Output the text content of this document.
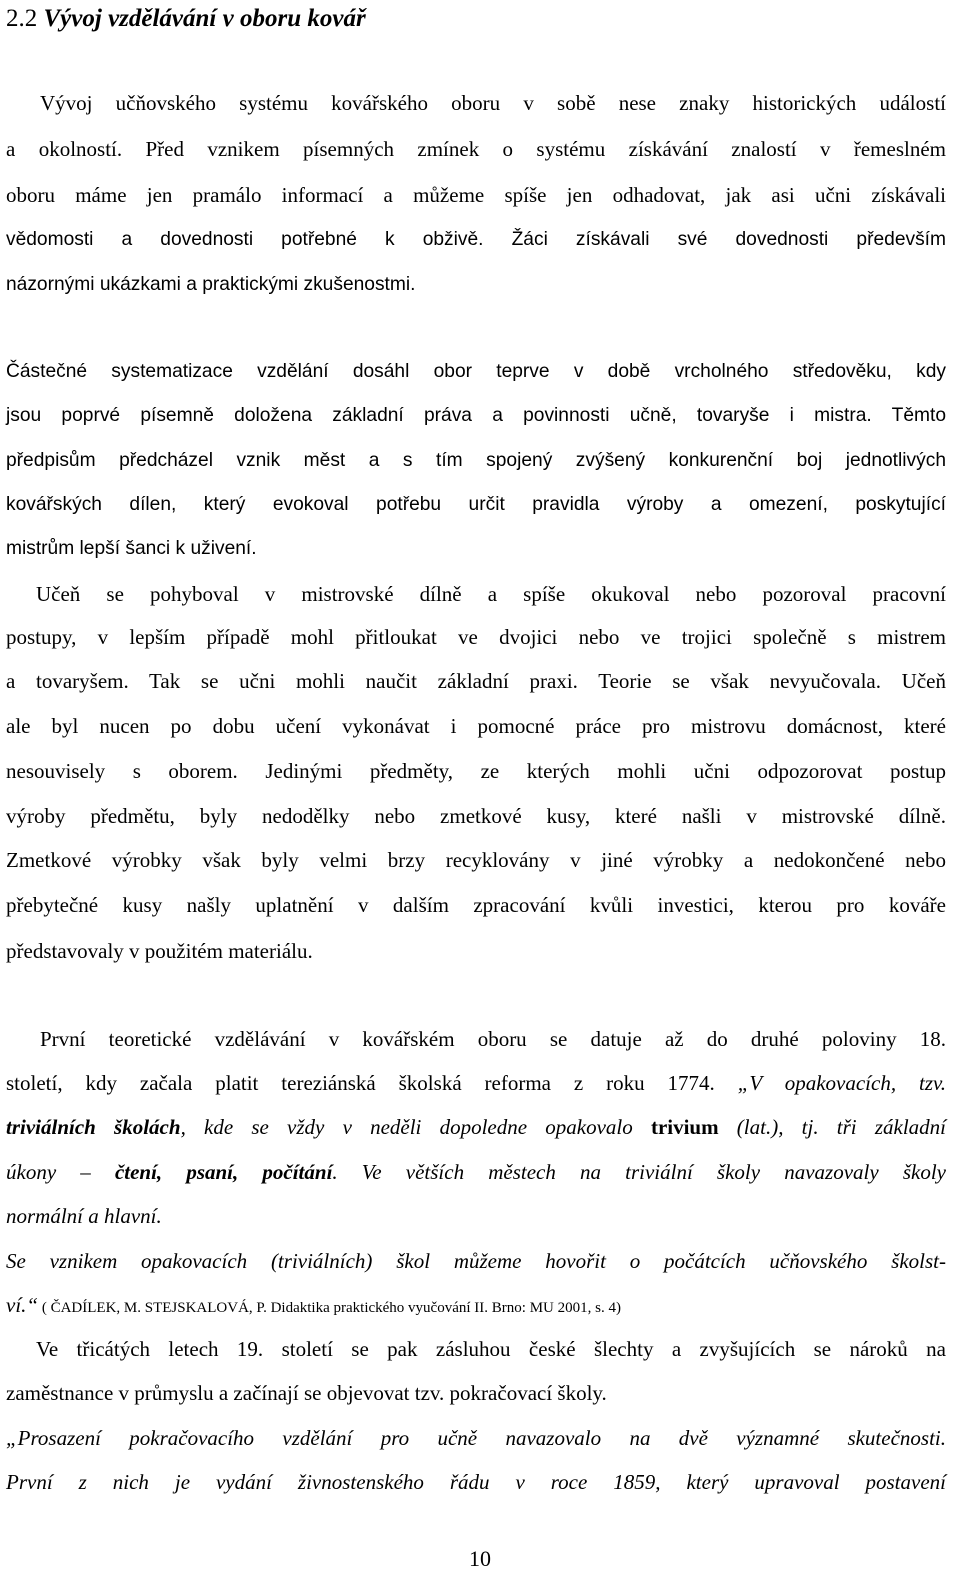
2.2 Vývoj vzdělávání v oboru kovář

Vývoj učňovského systému kovářského oboru v sobě nese znaky historických událostí

a okolností. Před vznikem písemných zmínek o systému získávání znalostí v řemeslném

oboru máme jen pramálo informací a můžeme spíše jen odhadovat, jak asi učni získávali

vědomosti a dovednosti potřebné k obživě. Žáci získávali své dovednosti především

názornými ukázkami a praktickými zkušenostmi.

Částečné systematizace vzdělání dosáhl obor teprve v době vrcholného středověku, kdy

jsou poprvé písemně doložena základní práva a povinnosti učně, tovaryše i mistra. Těmto

předpisům předcházel vznik měst a s tím spojený zvýšený konkurenční boj jednotlivých

kovářských dílen, který evokoval potřebu určit pravidla výroby a omezení, poskytující

mistrům lepší šanci k uživení.

Učeň se pohyboval v mistrovské dílně a spíše okukoval nebo pozoroval pracovní

postupy, v lepším případě mohl přitloukat ve dvojici nebo ve trojici společně s mistrem

a tovaryšem. Tak se učni mohli naučit základní praxi. Teorie se však nevyučovala. Učeň

ale byl nucen po dobu učení vykonávat i pomocné práce pro mistrovu domácnost, které

nesouvisely s oborem. Jedinými předměty, ze kterých mohli učni odpozorovat postup

výroby předmětu, byly nedodělky nebo zmetkové kusy, které našli v mistrovské dílně.

Zmetkové výrobky však byly velmi brzy recyklovány v jiné výrobky a nedokončené nebo

přebytečné kusy našly uplatnění v dalším zpracování kvůli investici, kterou pro kováře

představovaly v použitém materiálu.

První teoretické vzdělávání v kovářském oboru se datuje až do druhé poloviny 18.

století, kdy začala platit tereziánská školská reforma z roku 1774. „V opakovacích, tzv.

triviálních školách, kde se vždy v neděli dopoledne opakovalo trivium (lat.), tj. tři základní

úkony – čtení, psaní, počítání. Ve větších městech na triviální školy navazovaly školy

normální a hlavní.

Se vznikem opakovacích (triviálních) škol můžeme hovořit o počátcích učňovského školst-

ví.“ ( ČADÍLEK, M. STEJSKALOVÁ, P. Didaktika praktického vyučování II. Brno: MU 2001, s. 4)

Ve třicátých letech 19. století se pak zásluhou české šlechty a zvyšujících se nároků na

zaměstnance v průmyslu a začínají se objevovat tzv. pokračovací školy.

„Prosazení pokračovacího vzdělání pro učně navazovalo na dvě významné skutečnosti.

První z nich je vydání živnostenského řádu v roce 1859, který upravoval postavení

10
